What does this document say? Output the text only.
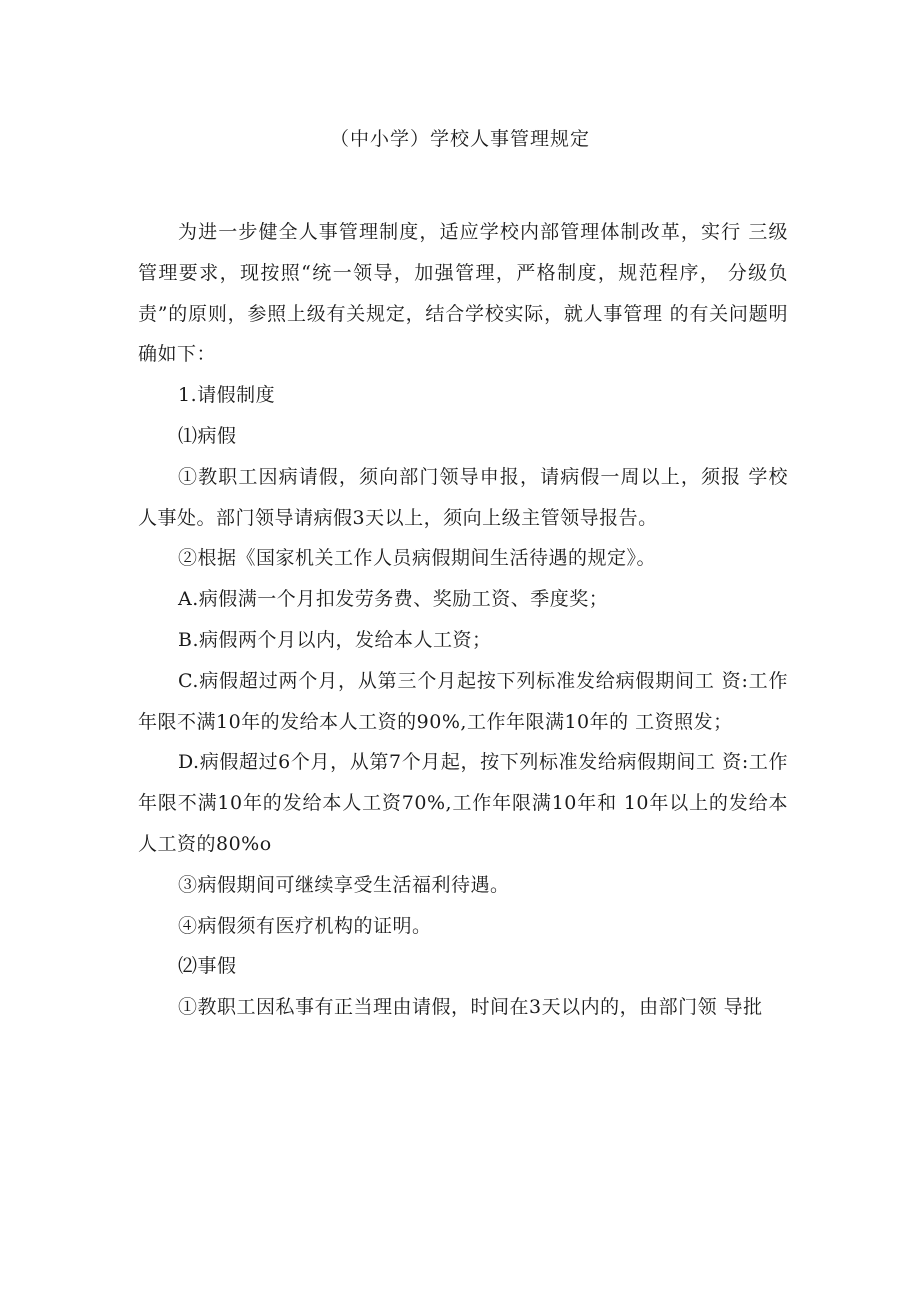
（中小学）学校人事管理规定

为进一步健全人事管理制度，适应学校内部管理体制改革，实行 三级管理要求，现按照“统一领导，加强管理，严格制度，规范程序， 分级负责”的原则，参照上级有关规定，结合学校实际，就人事管理 的有关问题明确如下：

1.请假制度

⑴病假

①教职工因病请假，须向部门领导申报，请病假一周以上，须报 学校人事处。部门领导请病假3天以上，须向上级主管领导报告。

②根据《国家机关工作人员病假期间生活待遇的规定》。

A.病假满一个月扣发劳务费、奖励工资、季度奖；

B.病假两个月以内，发给本人工资；

C.病假超过两个月，从第三个月起按下列标准发给病假期间工 资:工作年限不满10年的发给本人工资的90%,工作年限满10年的 工资照发；

D.病假超过6个月，从第7个月起，按下列标准发给病假期间工 资:工作年限不满10年的发给本人工资70%,工作年限满10年和 10年以上的发给本人工资的80%o

③病假期间可继续享受生活福利待遇。

④病假须有医疗机构的证明。

⑵事假

①教职工因私事有正当理由请假，时间在3天以内的，由部门领 导批
